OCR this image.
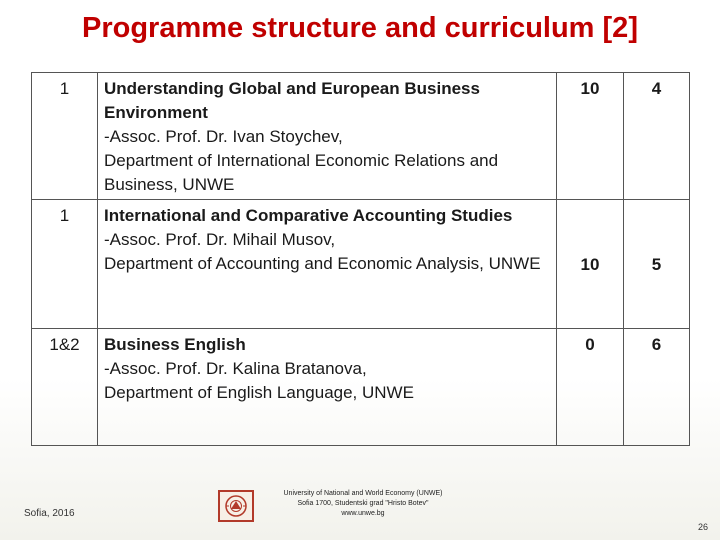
Programme structure and curriculum [2]
1	Understanding Global and European Business Environment
-Assoc. Prof. Dr. Ivan Stoychev,
Department of International Economic Relations and Business, UNWE	10	4
1	International and Comparative Accounting Studies
-Assoc. Prof. Dr. Mihail Musov,
Department of Accounting and Economic Analysis, UNWE	10	5
1&2	Business English
-Assoc. Prof. Dr. Kalina Bratanova,
Department of English Language, UNWE	0	6
Sofia, 2016
University of National and World Economy (UNWE)
Sofia 1700, Studentski grad "Hristo Botev"
www.unwe.bg
26
